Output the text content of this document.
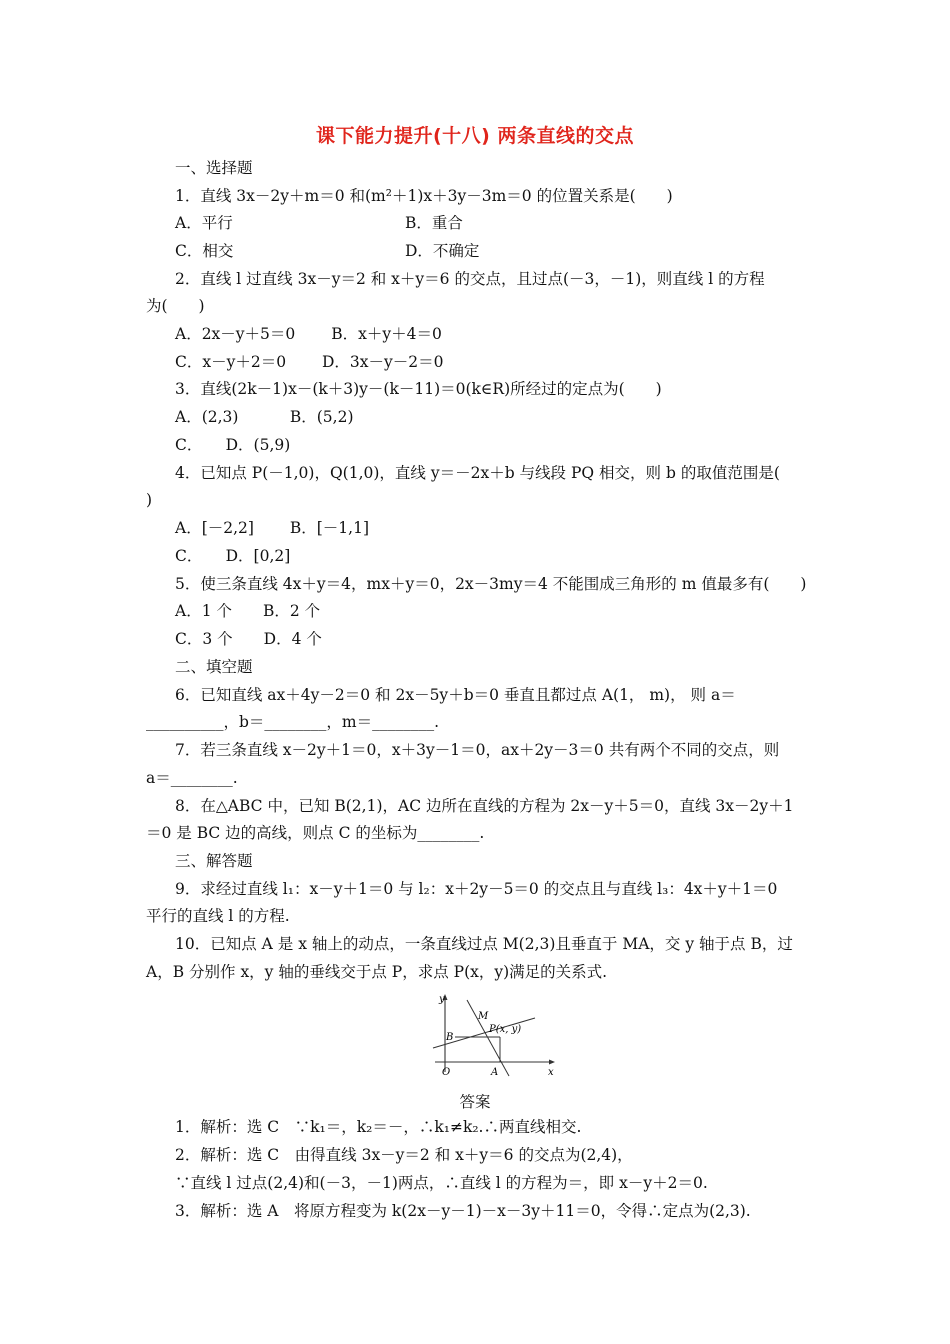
课下能力提升(十八) 两条直线的交点
一、选择题
1．直线 3x－2y＋m＝0 和(m²＋1)x＋3y－3m＝0 的位置关系是(　　)
A．平行	B．重合
C．相交	D．不确定
2．直线 l 过直线 3x－y＝2 和 x＋y＝6 的交点，且过点(－3，－1)，则直线 l 的方程
为(　　)
A．2x－y＋5＝0　　 B．x＋y＋4＝0
C．x－y＋2＝0　　 D．3x－y－2＝0
3．直线(2k－1)x－(k＋3)y－(k－11)＝0(k∈R)所经过的定点为(　　)
A．(2,3)　　　 B．(5,2)
C．　　D．(5,9)
4．已知点 P(－1,0)，Q(1,0)，直线 y＝－2x＋b 与线段 PQ 相交，则 b 的取值范围是(
)
A．[－2,2]　　 B．[－1,1]
C．　　D．[0,2]
5．使三条直线 4x＋y＝4，mx＋y＝0，2x－3my＝4 不能围成三角形的 m 值最多有(　　)
A．1 个　　B．2 个
C．3 个　　D．4 个
二、填空题
6．已知直线 ax＋4y－2＝0 和 2x－5y＋b＝0 垂直且都过点 A(1， m)， 则 a＝
__________，b＝________，m＝________.
7．若三条直线 x－2y＋1＝0，x＋3y－1＝0，ax＋2y－3＝0 共有两个不同的交点，则
a＝________.
8．在△ABC 中，已知 B(2,1)，AC 边所在直线的方程为 2x－y＋5＝0，直线 3x－2y＋1
＝0 是 BC 边的高线，则点 C 的坐标为________.
三、解答题
9．求经过直线 l₁：x－y＋1＝0 与 l₂：x＋2y－5＝0 的交点且与直线 l₃：4x＋y＋1＝0
平行的直线 l 的方程.
10．已知点 A 是 x 轴上的动点，一条直线过点 M(2,3)且垂直于 MA，交 y 轴于点 B，过
A，B 分别作 x，y 轴的垂线交于点 P，求点 P(x，y)满足的关系式.
y
x
O
B
A
M
P(x, y)
答案
1．解析：选 C　∵k₁＝，k₂＝－，∴k₁≠k₂.∴两直线相交.
2．解析：选 C　由得直线 3x－y＝2 和 x＋y＝6 的交点为(2,4)，
∵直线 l 过点(2,4)和(－3，－1)两点，∴直线 l 的方程为＝，即 x－y＋2＝0.
3．解析：选 A　将原方程变为 k(2x－y－1)－x－3y＋11＝0，令得∴定点为(2,3).
